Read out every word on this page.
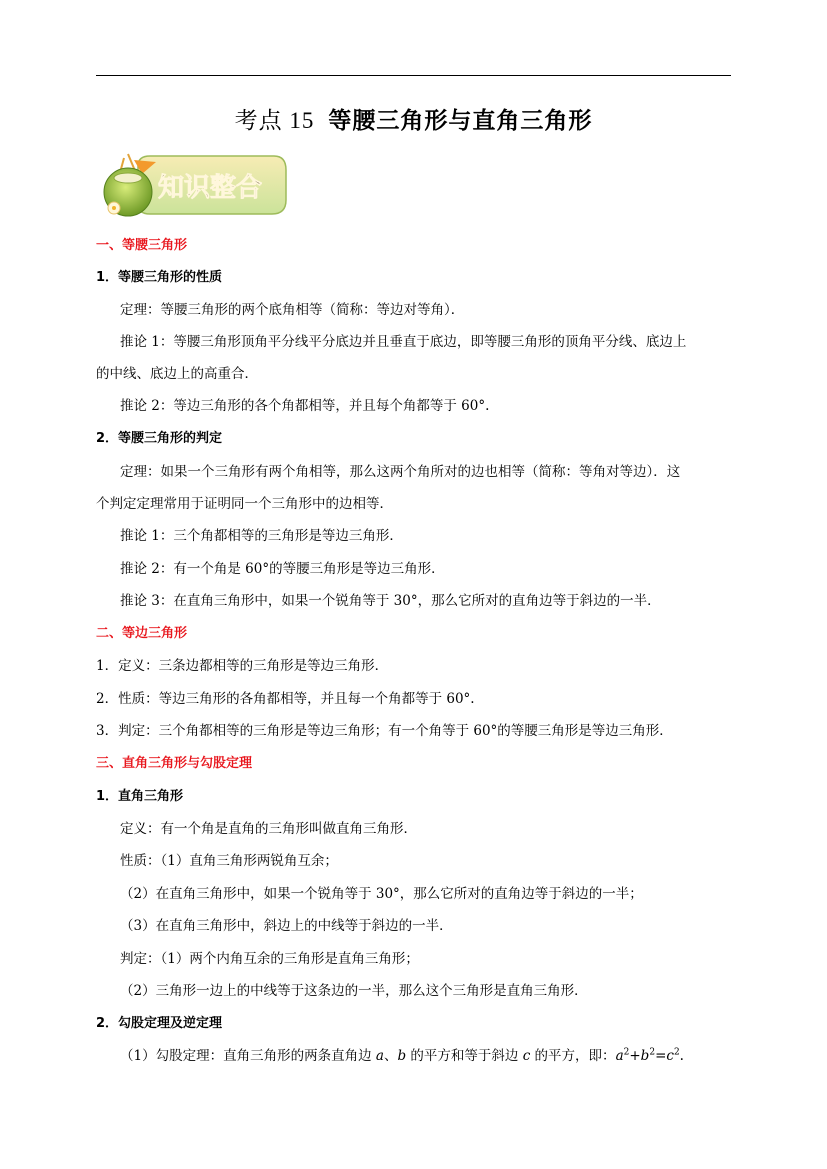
考点 15 等腰三角形与直角三角形
知识整合
一、等腰三角形
1．等腰三角形的性质
定理：等腰三角形的两个底角相等（简称：等边对等角）．
推论 1：等腰三角形顶角平分线平分底边并且垂直于底边，即等腰三角形的顶角平分线、底边上
的中线、底边上的高重合．
推论 2：等边三角形的各个角都相等，并且每个角都等于 60°.
2．等腰三角形的判定
定理：如果一个三角形有两个角相等，那么这两个角所对的边也相等（简称：等角对等边）．这
个判定定理常用于证明同一个三角形中的边相等．
推论 1：三个角都相等的三角形是等边三角形．
推论 2：有一个角是 60°的等腰三角形是等边三角形．
推论 3：在直角三角形中，如果一个锐角等于 30°，那么它所对的直角边等于斜边的一半．
二、等边三角形
1．定义：三条边都相等的三角形是等边三角形．
2．性质：等边三角形的各角都相等，并且每一个角都等于 60°.
3．判定：三个角都相等的三角形是等边三角形；有一个角等于 60°的等腰三角形是等边三角形．
三、直角三角形与勾股定理
1．直角三角形
定义：有一个角是直角的三角形叫做直角三角形．
性质：（1）直角三角形两锐角互余；
（2）在直角三角形中，如果一个锐角等于 30°，那么它所对的直角边等于斜边的一半；
（3）在直角三角形中，斜边上的中线等于斜边的一半．
判定：（1）两个内角互余的三角形是直角三角形；
（2）三角形一边上的中线等于这条边的一半，那么这个三角形是直角三角形．
2．勾股定理及逆定理
（1）勾股定理：直角三角形的两条直角边 a、b 的平方和等于斜边 c 的平方，即：$a^2+b^2=c^2$.
